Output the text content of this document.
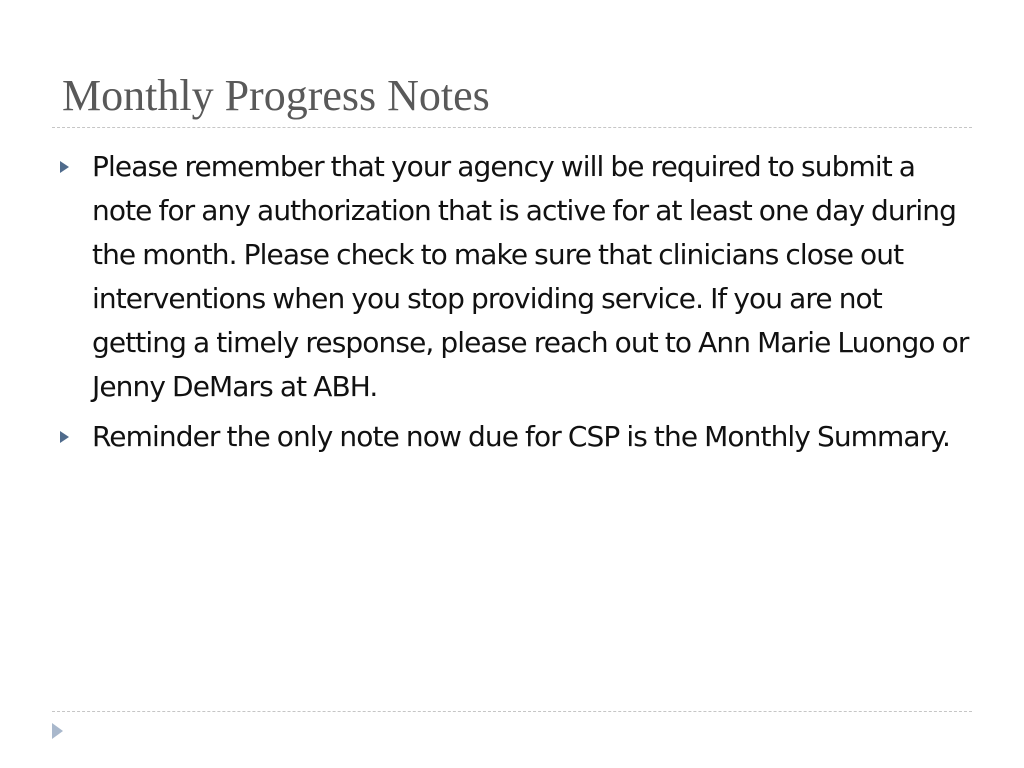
Monthly Progress Notes
Please remember that your agency will be required to submit a note for any authorization that is active for at least one day during the month. Please check to make sure that clinicians close out interventions when you stop providing service. If you are not getting a timely response, please reach out to Ann Marie Luongo or Jenny DeMars at ABH.
Reminder the only note now due for CSP is the Monthly Summary.
